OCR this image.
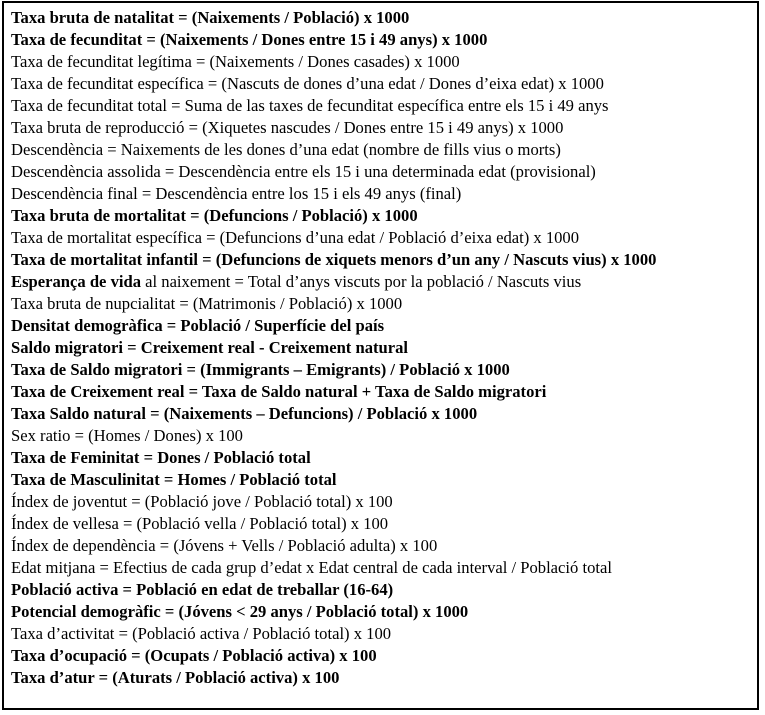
Taxa bruta de natalitat = (Naixements / Població) x 1000
Taxa de fecunditat = (Naixements / Dones entre 15 i 49 anys) x 1000
Taxa de fecunditat legítima = (Naixements / Dones casades) x 1000
Taxa de fecunditat específica = (Nascuts de dones d’una edat / Dones d’eixa edat) x 1000
Taxa de fecunditat total = Suma de las taxes de fecunditat específica entre els 15 i 49 anys
Taxa bruta de reproducció = (Xiquetes nascudes / Dones entre 15 i 49 anys) x 1000
Descendència = Naixements de les dones d’una edat (nombre de fills vius o morts)
Descendència assolida = Descendència entre els 15 i una determinada edat (provisional)
Descendència final = Descendència entre los 15 i els 49 anys (final)
Taxa bruta de mortalitat = (Defuncions / Població) x 1000
Taxa de mortalitat específica = (Defuncions d’una edat / Població d’eixa edat) x 1000
Taxa de mortalitat infantil = (Defuncions de xiquets menors d’un any / Nascuts vius) x 1000
Esperança de vida al naixement = Total d’anys viscuts por la població / Nascuts vius
Taxa bruta de nupcialitat = (Matrimonis / Població) x 1000
Densitat demogràfica = Població / Superfície del país
Saldo migratori = Creixement real - Creixement natural
Taxa de Saldo migratori = (Immigrants – Emigrants) / Població x 1000
Taxa de Creixement real = Taxa de Saldo natural + Taxa de Saldo migratori
Taxa Saldo natural = (Naixements – Defuncions) / Població x 1000
Sex ratio = (Homes / Dones) x 100
Taxa de Feminitat = Dones / Població total
Taxa de Masculinitat = Homes / Població total
Índex de joventut = (Població jove / Població total) x 100
Índex de vellesa = (Població vella / Població total) x 100
Índex de dependència = (Jóvens + Vells / Població adulta) x 100
Edat mitjana = Efectius de cada grup d’edat x Edat central de cada interval / Població total
Població activa = Població en edat de treballar (16-64)
Potencial demogràfic = (Jóvens < 29 anys / Població total) x 1000
Taxa d’activitat = (Població activa / Població total) x 100
Taxa d’ocupació = (Ocupats / Població activa) x 100
Taxa d’atur = (Aturats / Població activa) x 100
